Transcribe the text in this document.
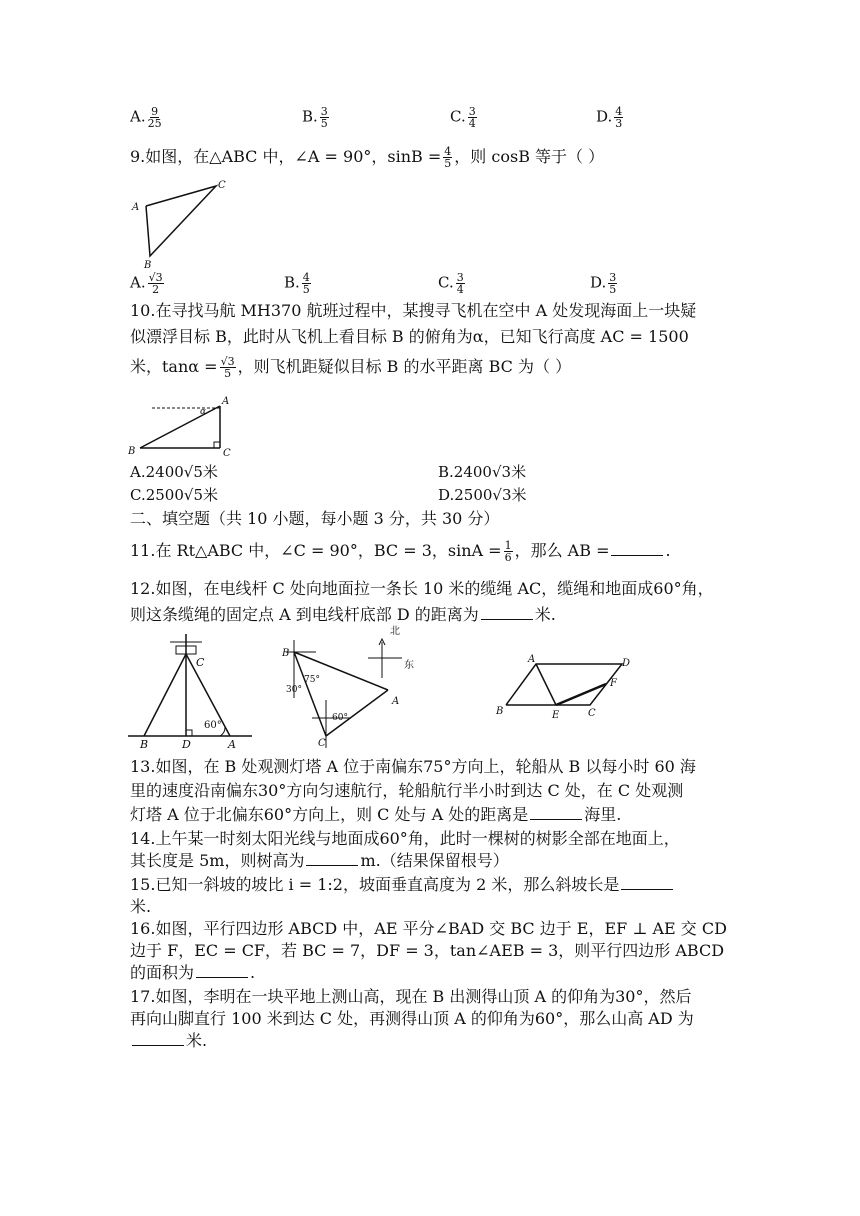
A. $\frac{9}{25}$	B. $\frac{3}{5}$	C. $\frac{3}{4}$	D. $\frac{4}{3}$
9.如图，在△ABC 中，∠A = 90°，$\sin B = \frac{4}{5}$ ，则 cosB 等于（ ）
A
C
B
A. $\frac{√3}{2}$	B. $\frac{4}{5}$	C. $\frac{3}{4}$	D. $\frac{3}{5}$
10.在寻找马航 MH370 航班过程中，某搜寻飞机在空中 A 处发现海面上一块疑
似漂浮目标 B，此时从飞机上看目标 B 的俯角为α，已知飞行高度 AC = 1500
米，$\tan\alpha = \frac{√3}{5}$ ，则飞机距疑似目标 B 的水平距离 BC 为（ ）
A
α
B	C
A.2400√5米	B.2400√3米
C.2500√5米	D.2500√3米
二、填空题（共 10 小题，每小题 3 分，共 30 分）
11.在 Rt△ABC 中，∠C = 90°，BC = 3，$\sin A = \frac{1}{6}$ ，那么 AB =	.
12.如图，在电线杆 C 处向地面拉一条长 10 米的缆绳 AC，缆绳和地面成60°角，
则这条缆绳的固定点 A 到电线杆底部 D 的距离为	米.
C
60°
B	D	A
北
东
B
A
C
75°
30°
60°
A	D
F
B	E	C
13.如图，在 B 处观测灯塔 A 位于南偏东75°方向上，轮船从 B 以每小时 60 海
里的速度沿南偏东30°方向匀速航行，轮船航行半小时到达 C 处，在 C 处观测
灯塔 A 位于北偏东60°方向上，则 C 处与 A 处的距离是	海里.
14.上午某一时刻太阳光线与地面成60°角，此时一棵树的树影全部在地面上，
其长度是 5m，则树高为	m.（结果保留根号）
15.已知一斜坡的坡比 i = 1:2，坡面垂直高度为 2 米，那么斜坡长是
米.
16.如图，平行四边形 ABCD 中，AE 平分∠BAD 交 BC 边于 E，EF ⊥ AE 交 CD
边于 F，EC = CF，若 BC = 7，DF = 3，tan∠AEB = 3，则平行四边形 ABCD
的面积为	.
17.如图，李明在一块平地上测山高，现在 B 出测得山顶 A 的仰角为30°，然后
再向山脚直行 100 米到达 C 处，再测得山顶 A 的仰角为60°，那么山高 AD 为
米.
